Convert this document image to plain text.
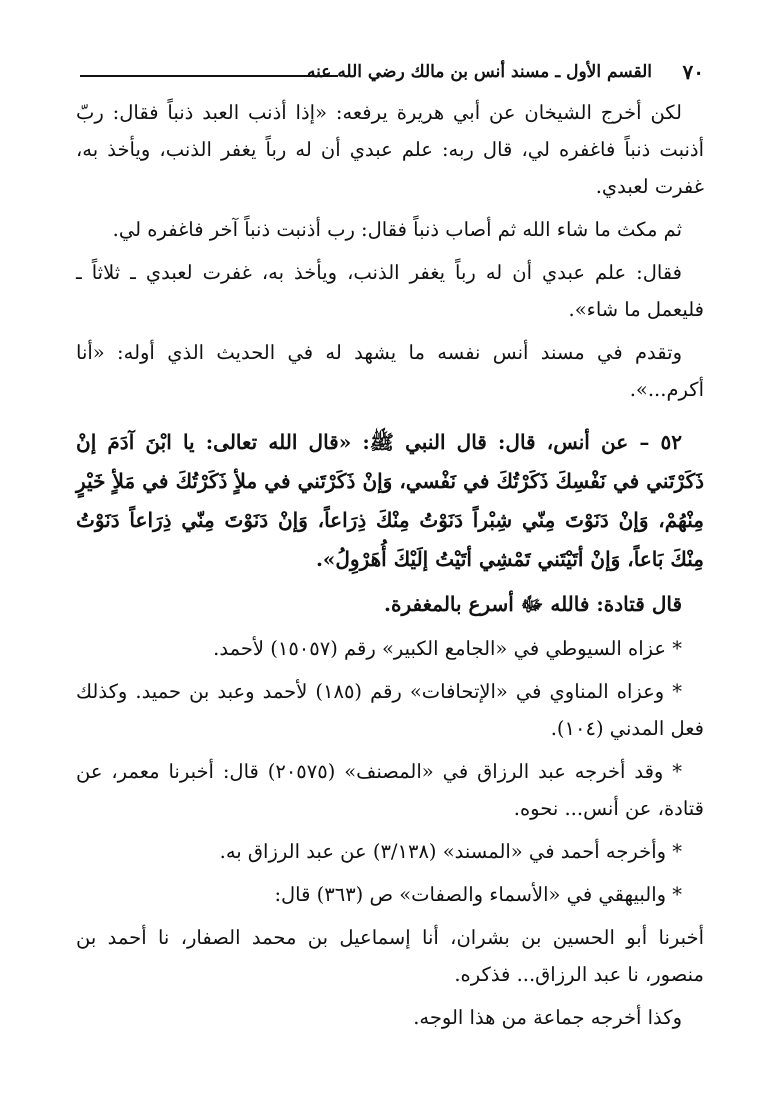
٧٠
القسم الأول ـ مسند أنس بن مالك رضي الله عنه

لكن أخرج الشيخان عن أبي هريرة يرفعه: «إذا أذنب العبد ذنباً فقال: ربّ أذنبت ذنباً فاغفره لي، قال ربه: علم عبدي أن له رباً يغفر الذنب، ويأخذ به، غفرت لعبدي.

ثم مكث ما شاء الله ثم أصاب ذنباً فقال: رب أذنبت ذنباً آخر فاغفره لي.

فقال: علم عبدي أن له رباً يغفر الذنب، ويأخذ به، غفرت لعبدي ـ ثلاثاً ـ فليعمل ما شاء».

وتقدم في مسند أنس نفسه ما يشهد له في الحديث الذي أوله: «أنا أكرم...».

٥٢ – عن أنس، قال: قال النبي ﷺ: «قال الله تعالى: يا ابْنَ آدَمَ إنْ ذَكَرْتَني في نَفْسِكَ ذَكَرْتُكَ في نَفْسي، وَإنْ ذَكَرْتَني في ملأٍ ذَكَرْتُكَ في مَلأٍ خَيْرٍ مِنْهُمْ، وَإنْ دَنَوْتَ مِنّي شِبْراً دَنَوْتُ مِنْكَ ذِرَاعاً، وَإنْ دَنَوْتَ مِنّي ذِرَاعاً دَنَوْتُ مِنْكَ بَاعاً، وَإنْ أتَيْتَني تَمْشِي أتَيْتُ إلَيْكَ أُهَرْوِلُ».

قال قتادة: فالله ﷻ أسرع بالمغفرة.

* عزاه السيوطي في «الجامع الكبير» رقم (١٥٠٥٧) لأحمد.

* وعزاه المناوي في «الإتحافات» رقم (١٨٥) لأحمد وعبد بن حميد. وكذلك فعل المدني (١٠٤).

* وقد أخرجه عبد الرزاق في «المصنف» (٢٠٥٧٥) قال: أخبرنا معمر، عن قتادة، عن أنس... نحوه.

* وأخرجه أحمد في «المسند» (٣/١٣٨) عن عبد الرزاق به.

* والبيهقي في «الأسماء والصفات» ص (٣٦٣) قال:

أخبرنا أبو الحسين بن بشران، أنا إسماعيل بن محمد الصفار، نا أحمد بن منصور، نا عبد الرزاق... فذكره.

وكذا أخرجه جماعة من هذا الوجه.
